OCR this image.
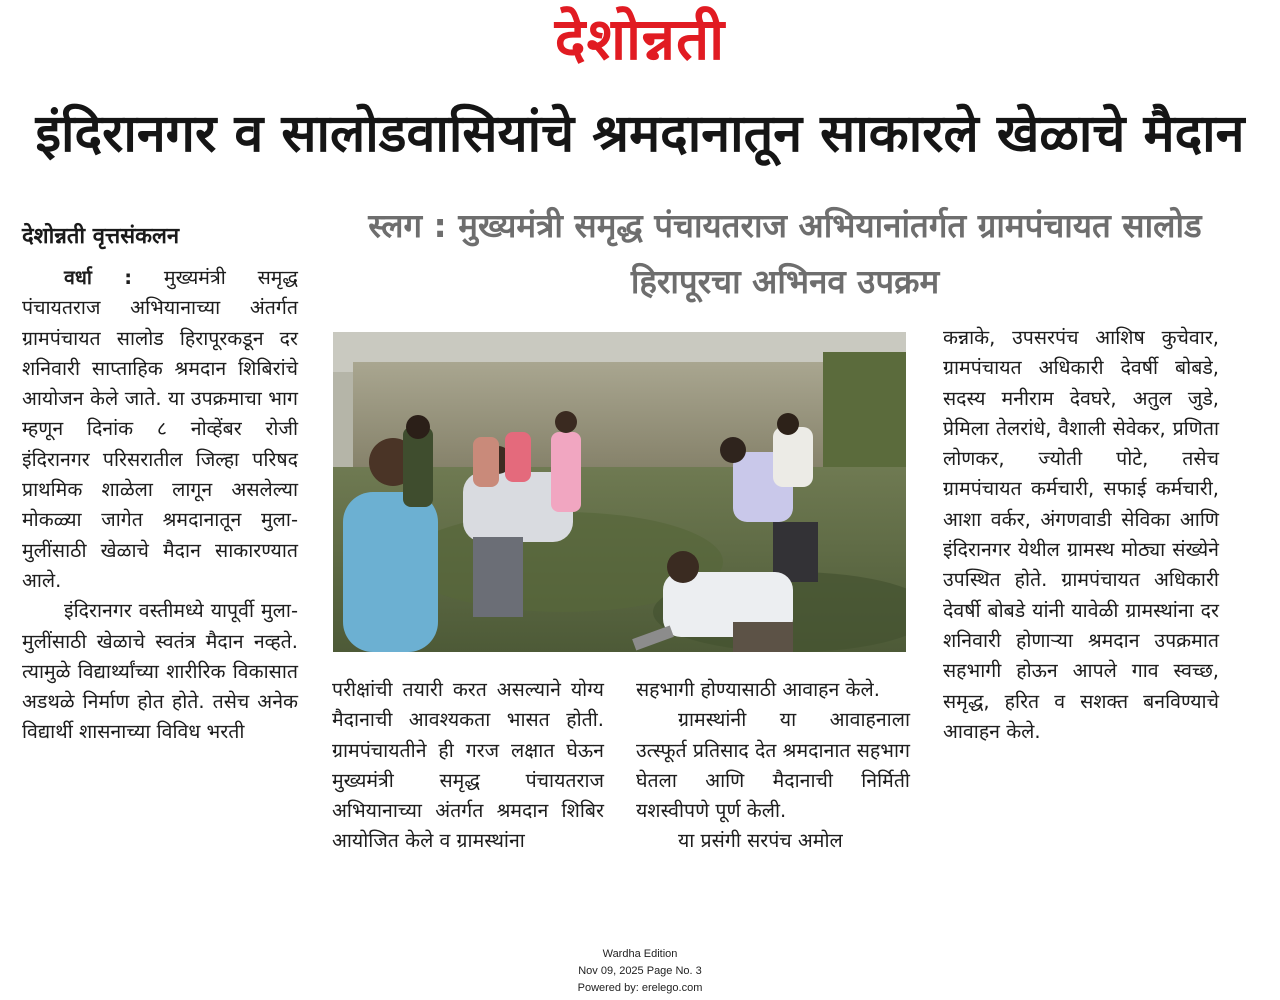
देशोन्नती
इंदिरानगर व सालोडवासियांचे श्रमदानातून साकारले खेळाचे मैदान
देशोन्नती वृत्तसंकलन	स्लग : मुख्यमंत्री समृद्ध पंचायतराज अभियानांतर्गत ग्रामपंचायत सालोड हिरापूरचा अभिनव उपक्रम

वर्धा : मुख्यमंत्री समृद्ध पंचायतराज अभियानाच्या अंतर्गत ग्रामपंचायत सालोड हिरापूरकडून दर शनिवारी साप्ताहिक श्रमदान शिबिरांचे आयोजन केले जाते. या उपक्रमाचा भाग म्हणून दिनांक ८ नोव्हेंबर रोजी इंदिरानगर परिसरातील जिल्हा परिषद प्राथमिक शाळेला लागून असलेल्या मोकळ्या जागेत श्रमदानातून मुला-मुलींसाठी खेळाचे मैदान साकारण्यात आले.

इंदिरानगर वस्तीमध्ये यापूर्वी मुला-मुलींसाठी खेळाचे स्वतंत्र मैदान नव्हते. त्यामुळे विद्यार्थ्यांच्या शारीरिक विकासात अडथळे निर्माण होत होते. तसेच अनेक विद्यार्थी शासनाच्या विविध भरती

परीक्षांची तयारी करत असल्याने योग्य मैदानाची आवश्यकता भासत होती. ग्रामपंचायतीने ही गरज लक्षात घेऊन मुख्यमंत्री समृद्ध पंचायतराज अभियानाच्या अंतर्गत श्रमदान शिबिर आयोजित केले व ग्रामस्थांना

सहभागी होण्यासाठी आवाहन केले.

ग्रामस्थांनी या आवाहनाला उत्स्फूर्त प्रतिसाद देत श्रमदानात सहभाग घेतला आणि मैदानाची निर्मिती यशस्वीपणे पूर्ण केली.

या प्रसंगी सरपंच अमोल

कन्नाके, उपसरपंच आशिष कुचेवार, ग्रामपंचायत अधिकारी देवर्षी बोबडे, सदस्य मनीराम देवघरे, अतुल जुडे, प्रेमिला तेलरांधे, वैशाली सेवेकर, प्रणिता लोणकर, ज्योती पोटे, तसेच ग्रामपंचायत कर्मचारी, सफाई कर्मचारी, आशा वर्कर, अंगणवाडी सेविका आणि इंदिरानगर येथील ग्रामस्थ मोठ्या संख्येने उपस्थित होते. ग्रामपंचायत अधिकारी देवर्षी बोबडे यांनी यावेळी ग्रामस्थांना दर शनिवारी होणाऱ्या श्रमदान उपक्रमात सहभागी होऊन आपले गाव स्वच्छ, समृद्ध, हरित व सशक्त बनविण्याचे आवाहन केले.

Wardha Edition
Nov 09, 2025 Page No. 3
Powered by: erelego.com
